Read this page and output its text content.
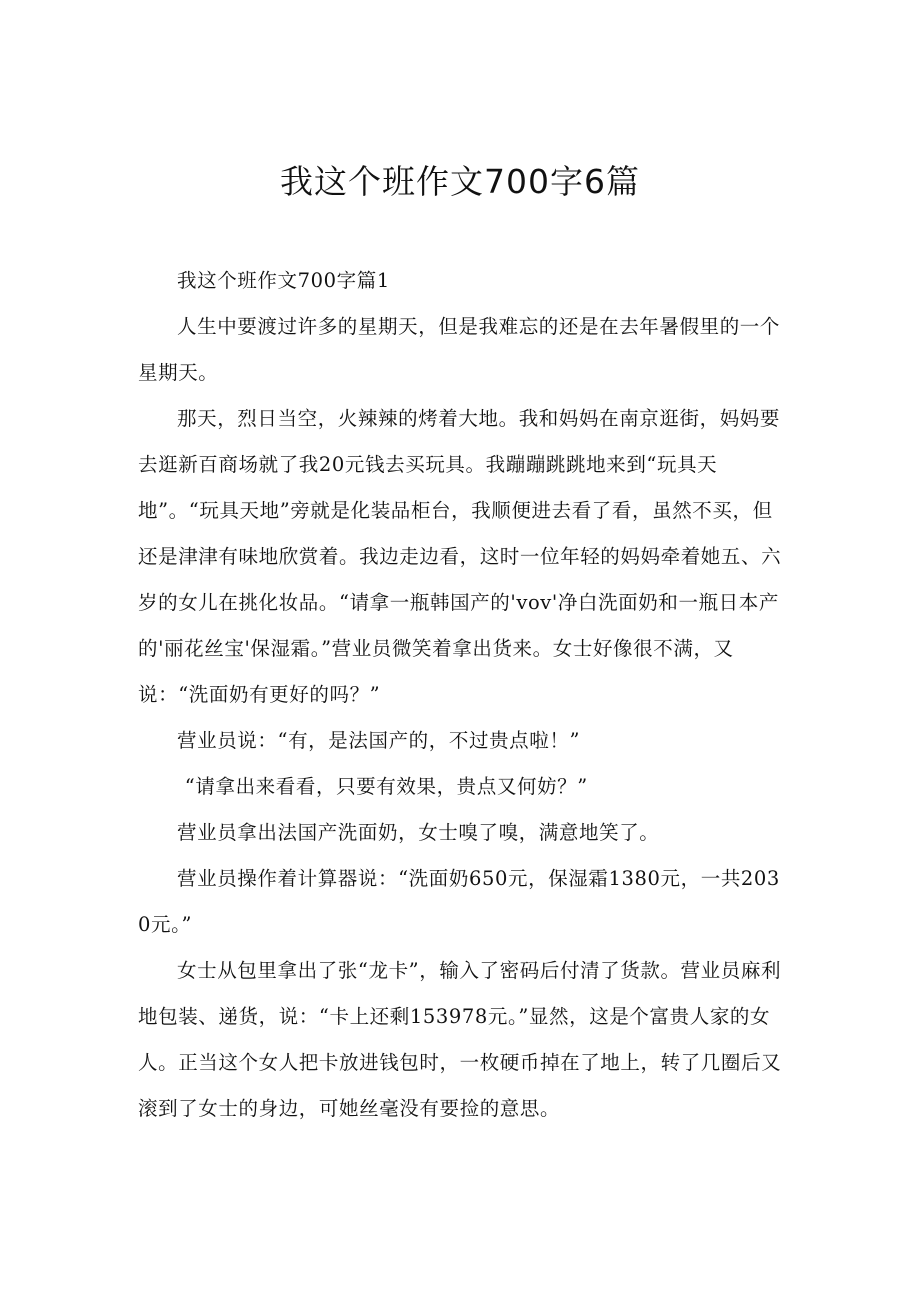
我这个班作文700字6篇

我这个班作文700字篇1

人生中要渡过许多的星期天，但是我难忘的还是在去年暑假里的一个星期天。

那天，烈日当空，火辣辣的烤着大地。我和妈妈在南京逛街，妈妈要去逛新百商场就了我20元钱去买玩具。我蹦蹦跳跳地来到“玩具天地”。“玩具天地”旁就是化装品柜台，我顺便进去看了看，虽然不买，但还是津津有味地欣赏着。我边走边看，这时一位年轻的妈妈牵着她五、六岁的女儿在挑化妆品。“请拿一瓶韩国产的'vov'净白洗面奶和一瓶日本产的'丽花丝宝'保湿霜。”营业员微笑着拿出货来。女士好像很不满，又说：“洗面奶有更好的吗？”

营业员说：“有，是法国产的，不过贵点啦！”

“请拿出来看看，只要有效果，贵点又何妨？”

营业员拿出法国产洗面奶，女士嗅了嗅，满意地笑了。

营业员操作着计算器说：“洗面奶650元，保湿霜1380元，一共2030元。”

女士从包里拿出了张“龙卡”，输入了密码后付清了货款。营业员麻利地包装、递货，说：“卡上还剩153978元。”显然，这是个富贵人家的女人。正当这个女人把卡放进钱包时，一枚硬币掉在了地上，转了几圈后又滚到了女士的身边，可她丝毫没有要捡的意思。
